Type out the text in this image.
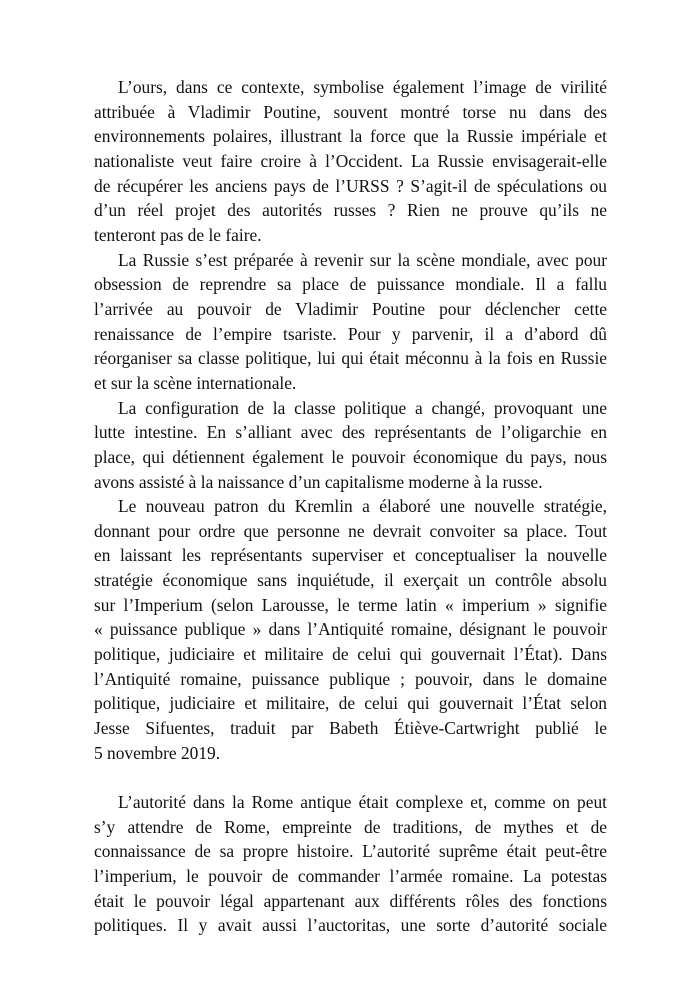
L’ours, dans ce contexte, symbolise également l’image de virilité
attribuée à Vladimir Poutine, souvent montré torse nu dans des
environnements polaires, illustrant la force que la Russie impériale et
nationaliste veut faire croire à l’Occident. La Russie envisagerait-elle
de récupérer les anciens pays de l’URSS ? S’agit-il de spéculations ou
d’un réel projet des autorités russes ? Rien ne prouve qu’ils ne
tenteront pas de le faire.
La Russie s’est préparée à revenir sur la scène mondiale, avec pour
obsession de reprendre sa place de puissance mondiale. Il a fallu
l’arrivée au pouvoir de Vladimir Poutine pour déclencher cette
renaissance de l’empire tsariste. Pour y parvenir, il a d’abord dû
réorganiser sa classe politique, lui qui était méconnu à la fois en Russie
et sur la scène internationale.
La configuration de la classe politique a changé, provoquant une
lutte intestine. En s’alliant avec des représentants de l’oligarchie en
place, qui détiennent également le pouvoir économique du pays, nous
avons assisté à la naissance d’un capitalisme moderne à la russe.
Le nouveau patron du Kremlin a élaboré une nouvelle stratégie,
donnant pour ordre que personne ne devrait convoiter sa place. Tout
en laissant les représentants superviser et conceptualiser la nouvelle
stratégie économique sans inquiétude, il exerçait un contrôle absolu
sur l’Imperium (selon Larousse, le terme latin « imperium » signifie
« puissance publique » dans l’Antiquité romaine, désignant le pouvoir
politique, judiciaire et militaire de celui qui gouvernait l’État). Dans
l’Antiquité romaine, puissance publique ; pouvoir, dans le domaine
politique, judiciaire et militaire, de celui qui gouvernait l’État selon
Jesse Sifuentes, traduit par Babeth Étiève-Cartwright publié le
5 novembre 2019.
L’autorité dans la Rome antique était complexe et, comme on peut
s’y attendre de Rome, empreinte de traditions, de mythes et de
connaissance de sa propre histoire. L’autorité suprême était peut-être
l’imperium, le pouvoir de commander l’armée romaine. La potestas
était le pouvoir légal appartenant aux différents rôles des fonctions
politiques. Il y avait aussi l’auctoritas, une sorte d’autorité sociale
